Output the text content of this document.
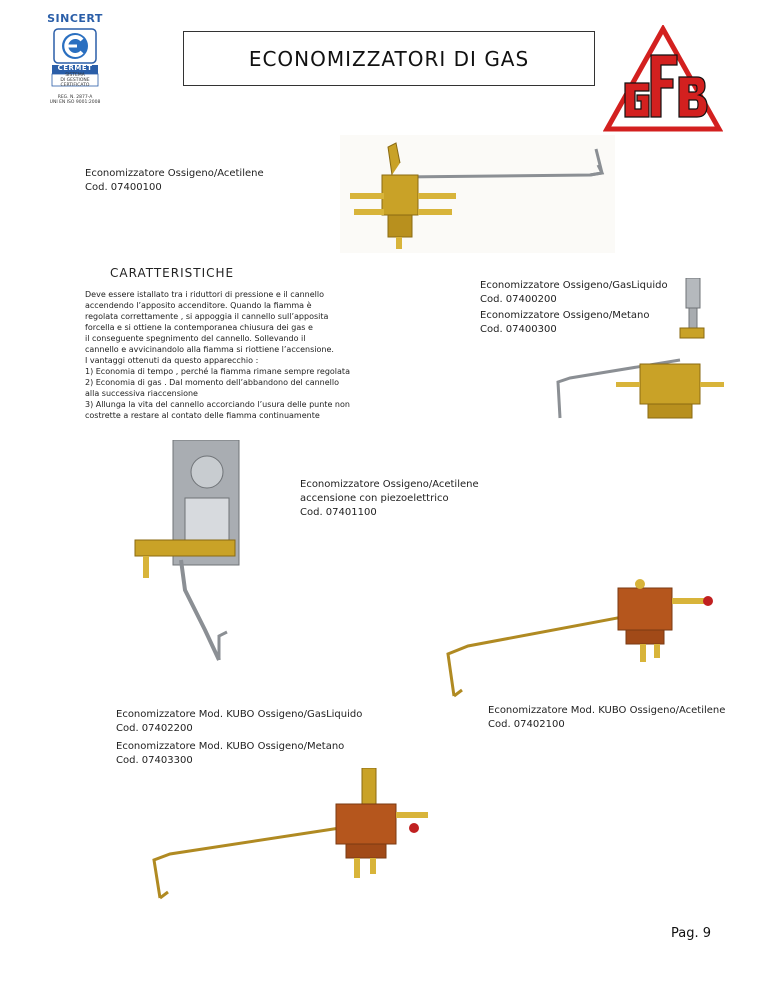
SINCERT
CERMET
SISTEMA
DI GESTIONE
CERTIFICATO
REG. N. 2877-A
UNI EN ISO 9001:2008
ECONOMIZZATORI DI GAS
Economizzatore Ossigeno/Acetilene
Cod. 07400100
CARATTERISTICHE
Deve essere istallato tra i riduttori di pressione e il cannello
accendendo l’apposito accenditore. Quando la fiamma è
regolata correttamente , si appoggia il cannello sull’apposita
forcella e si ottiene la contemporanea chiusura dei gas e
il conseguente spegnimento del cannello. Sollevando il
cannello e avvicinandolo alla fiamma si riottiene l’accensione.
I vantaggi ottenuti da questo apparecchio :
1) Economia di tempo , perché la fiamma rimane sempre regolata
2) Economia di gas . Dal momento dell’abbandono del cannello
alla successiva riaccensione
3) Allunga la vita del cannello accorciando l’usura delle punte non
costrette a restare al contato delle fiamma continuamente
Economizzatore Ossigeno/GasLiquido
Cod. 07400200
Economizzatore Ossigeno/Metano
Cod. 07400300
Economizzatore Ossigeno/Acetilene
accensione con piezoelettrico
Cod. 07401100
Economizzatore Mod. KUBO Ossigeno/Acetilene
Cod. 07402100
Economizzatore Mod. KUBO Ossigeno/GasLiquido
Cod. 07402200
Economizzatore Mod. KUBO Ossigeno/Metano
Cod. 07403300
Pag. 9
